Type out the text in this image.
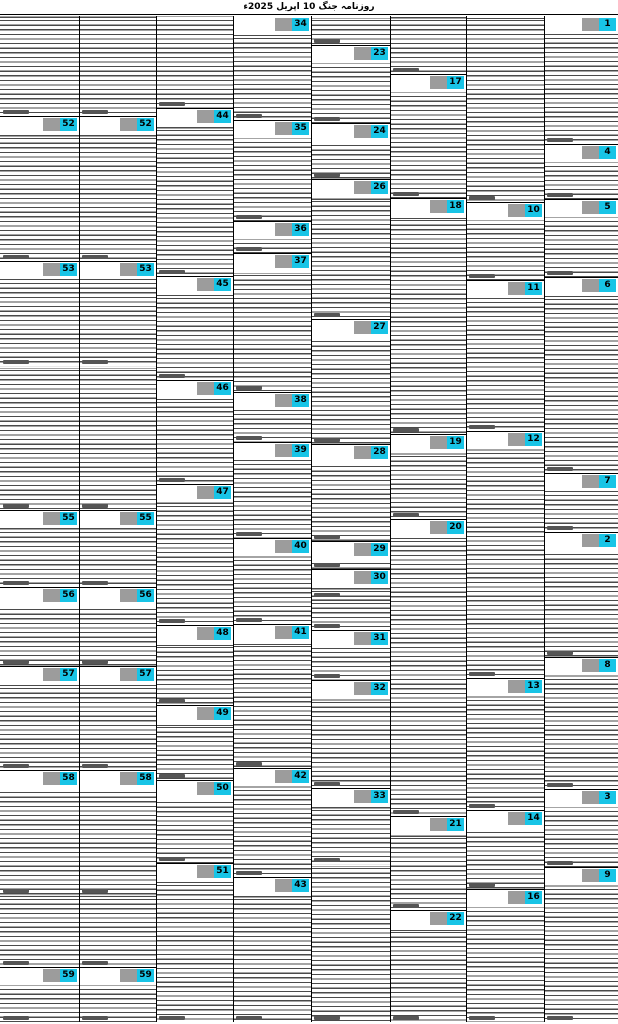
روزنامہ جنگ 10 اپریل 2025ء
1
4
5
6
7
2
8
3
9
10
11
12
13
14
16
17
18
19
20
21
22
23
24
26
27
28
29
30
31
32
33
34
35
36
37
38
39
40
41
42
43
44
45
46
47
48
49
50
51
52
53
55
56
57
58
59
52
53
55
56
57
58
59
